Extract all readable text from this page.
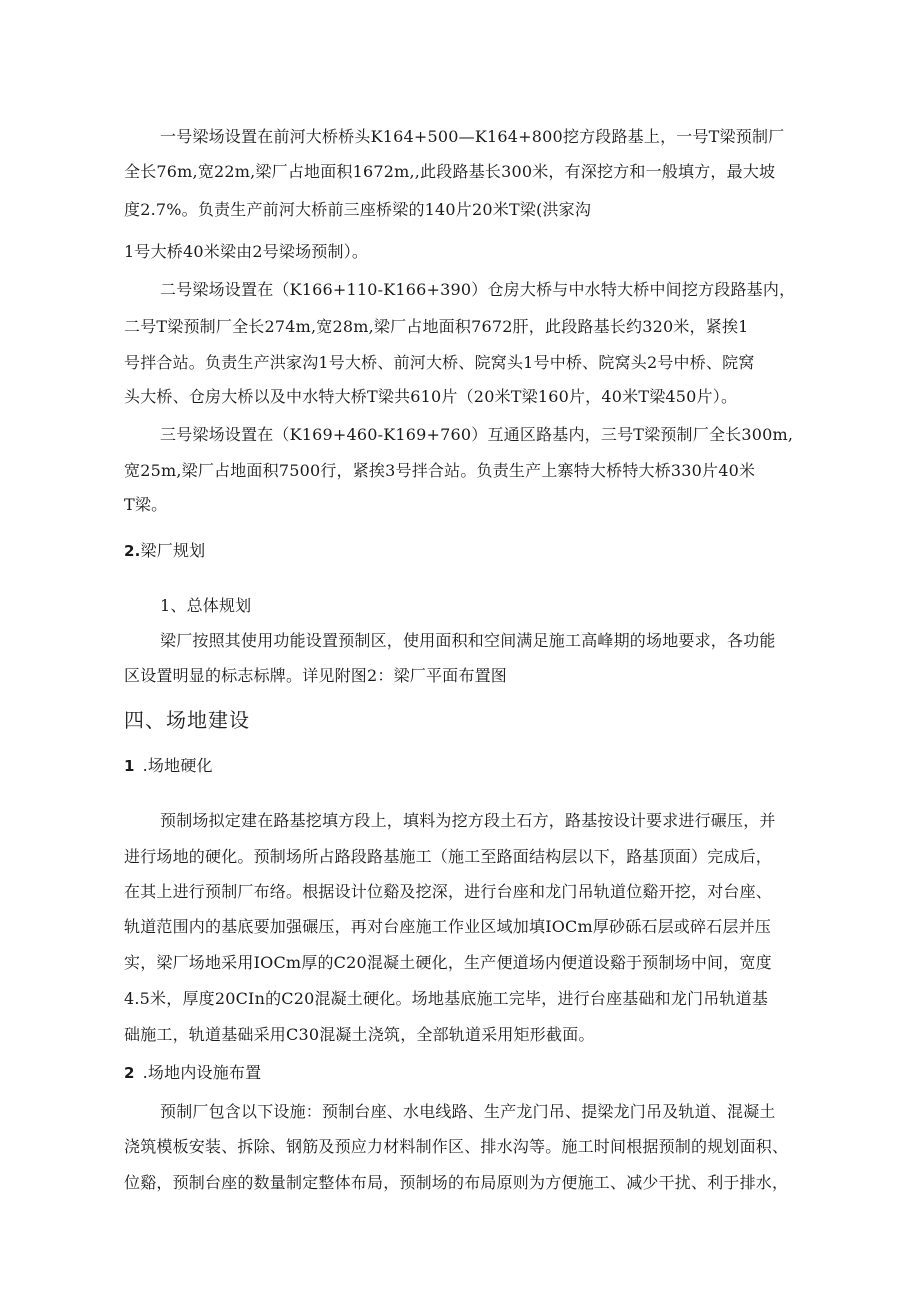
一号梁场设置在前河大桥桥头K164+500—K164+800挖方段路基上，一号T梁预制厂
全长76m,宽22m,梁厂占地面积1672m,,此段路基长300米，有深挖方和一般填方，最大坡
度2.7%。负责生产前河大桥前三座桥梁的140片20米T梁(洪家沟
1号大桥40米梁由2号梁场预制）。
二号梁场设置在（K166+110-K166+390）仓房大桥与中水特大桥中间挖方段路基内，
二号T梁预制厂全长274m,宽28m,梁厂占地面积7672肝，此段路基长约320米，紧挨1
号拌合站。负责生产洪家沟1号大桥、前河大桥、院窝头1号中桥、院窝头2号中桥、院窝
头大桥、仓房大桥以及中水特大桥T梁共610片（20米T梁160片，40米T梁450片）。
三号梁场设置在（K169+460-K169+760）互通区路基内，三号T梁预制厂全长300m,
宽25m,梁厂占地面积7500行，紧挨3号拌合站。负责生产上寨特大桥特大桥330片40米
T梁。
2.梁厂规划
1、总体规划
梁厂按照其使用功能设置预制区，使用面积和空间满足施工高峰期的场地要求，各功能
区设置明显的标志标牌。详见附图2：梁厂平面布置图
四、场地建设
1 .场地硬化
预制场拟定建在路基挖填方段上，填料为挖方段土石方，路基按设计要求进行碾压，并
进行场地的硬化。预制场所占路段路基施工（施工至路面结构层以下，路基顶面）完成后，
在其上进行预制厂布络。根据设计位谿及挖深，进行台座和龙门吊轨道位谿开挖，对台座、
轨道范围内的基底要加强碾压，再对台座施工作业区域加填IOCm厚砂砾石层或碎石层并压
实，梁厂场地采用IOCm厚的C20混凝土硬化，生产便道场内便道设谿于预制场中间，宽度
4.5米，厚度20CIn的C20混凝土硬化。场地基底施工完毕，进行台座基础和龙门吊轨道基
础施工，轨道基础采用C30混凝土浇筑，全部轨道采用矩形截面。
2 .场地内设施布置
预制厂包含以下设施：预制台座、水电线路、生产龙门吊、提梁龙门吊及轨道、混凝土
浇筑模板安装、拆除、钢筋及预应力材料制作区、排水沟等。施工时间根据预制的规划面积、
位谿，预制台座的数量制定整体布局，预制场的布局原则为方便施工、减少干扰、利于排水，
